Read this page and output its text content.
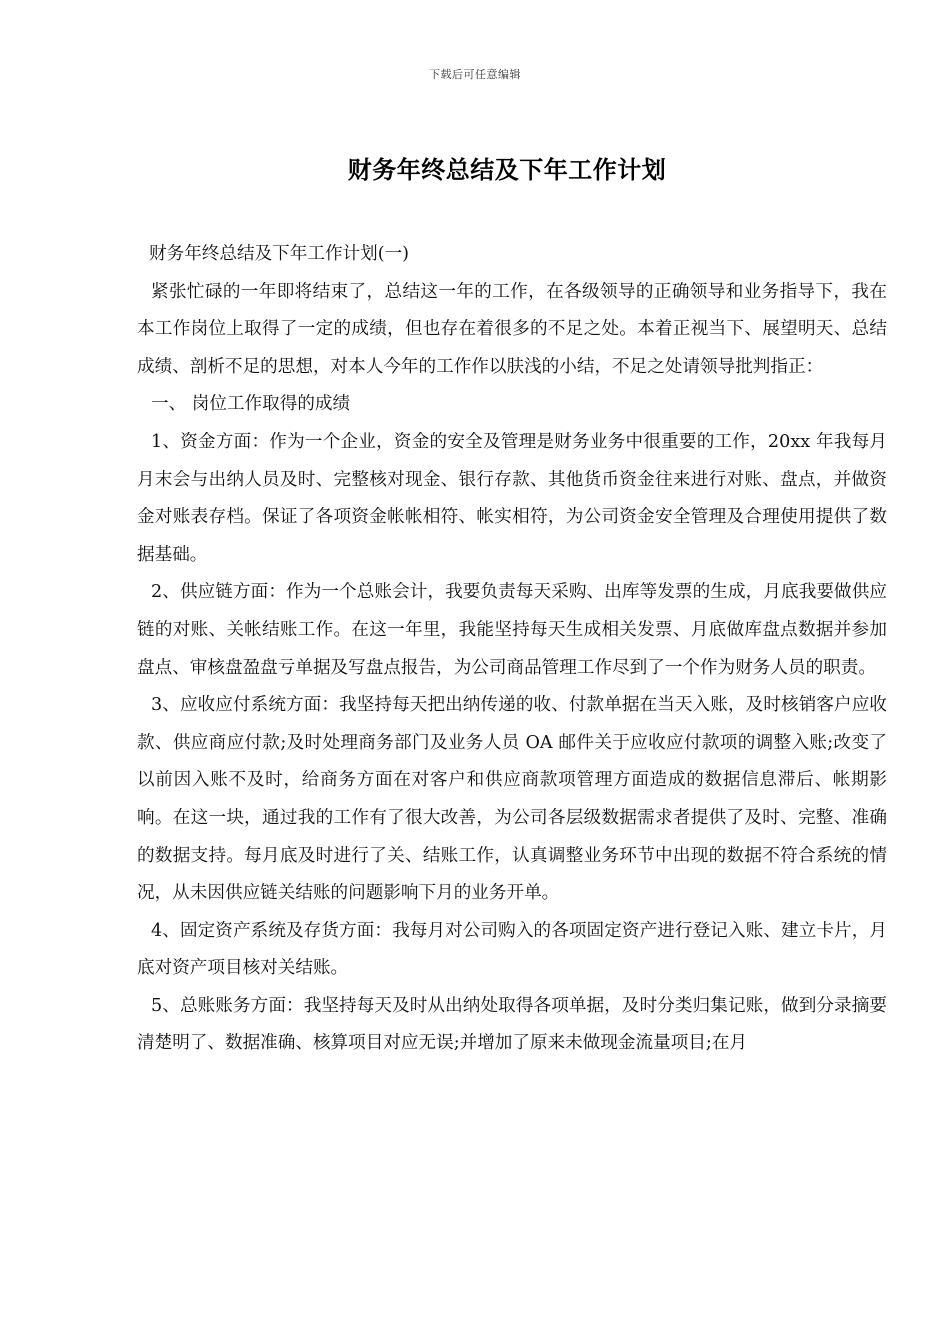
下载后可任意编辑
财务年终总结及下年工作计划

财务年终总结及下年工作计划(一)

紧张忙碌的一年即将结束了，总结这一年的工作，在各级领导的正确领导和业务指导下，我在本工作岗位上取得了一定的成绩，但也存在着很多的不足之处。本着正视当下、展望明天、总结成绩、剖析不足的思想，对本人今年的工作作以肤浅的小结，不足之处请领导批判指正：

一、 岗位工作取得的成绩

1、资金方面：作为一个企业，资金的安全及管理是财务业务中很重要的工作，20xx 年我每月月末会与出纳人员及时、完整核对现金、银行存款、其他货币资金往来进行对账、盘点，并做资金对账表存档。保证了各项资金帐帐相符、帐实相符，为公司资金安全管理及合理使用提供了数据基础。

2、供应链方面：作为一个总账会计，我要负责每天采购、出库等发票的生成，月底我要做供应链的对账、关帐结账工作。在这一年里，我能坚持每天生成相关发票、月底做库盘点数据并参加盘点、审核盘盈盘亏单据及写盘点报告，为公司商品管理工作尽到了一个作为财务人员的职责。

3、应收应付系统方面：我坚持每天把出纳传递的收、付款单据在当天入账，及时核销客户应收款、供应商应付款;及时处理商务部门及业务人员 OA 邮件关于应收应付款项的调整入账;改变了以前因入账不及时，给商务方面在对客户和供应商款项管理方面造成的数据信息滞后、帐期影响。在这一块，通过我的工作有了很大改善，为公司各层级数据需求者提供了及时、完整、准确的数据支持。每月底及时进行了关、结账工作，认真调整业务环节中出现的数据不符合系统的情况，从未因供应链关结账的问题影响下月的业务开单。

4、固定资产系统及存货方面：我每月对公司购入的各项固定资产进行登记入账、建立卡片，月底对资产项目核对关结账。

5、总账账务方面：我坚持每天及时从出纳处取得各项单据，及时分类归集记账，做到分录摘要清楚明了、数据准确、核算项目对应无误;并增加了原来未做现金流量项目;在月
